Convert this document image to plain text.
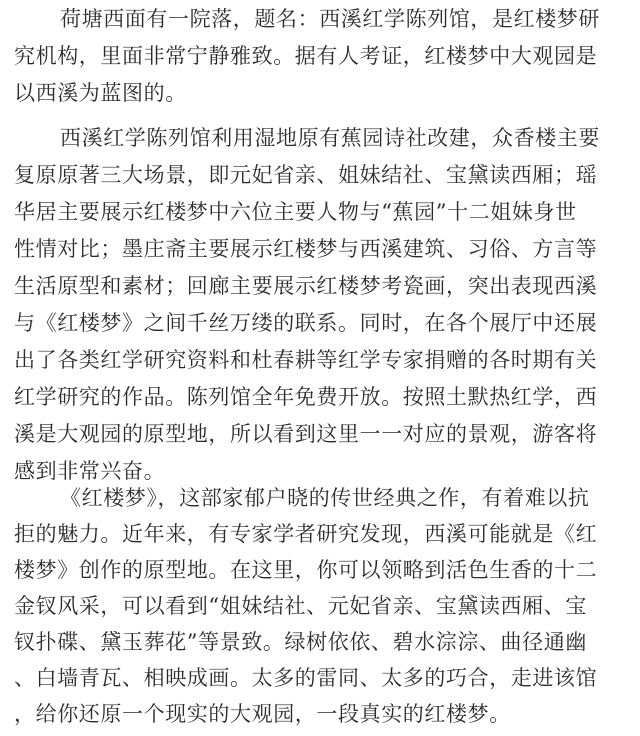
荷塘西面有一院落，题名：西溪红学陈列馆，是红楼梦研
究机构，里面非常宁静雅致。据有人考证，红楼梦中大观园是
以西溪为蓝图的。
西溪红学陈列馆利用湿地原有蕉园诗社改建，众香楼主要
复原原著三大场景，即元妃省亲、姐妹结社、宝黛读西厢；瑶
华居主要展示红楼梦中六位主要人物与“蕉园”十二姐妹身世
性情对比；墨庄斋主要展示红楼梦与西溪建筑、习俗、方言等
生活原型和素材；回廊主要展示红楼梦考瓷画，突出表现西溪
与《红楼梦》之间千丝万缕的联系。同时，在各个展厅中还展
出了各类红学研究资料和杜春耕等红学专家捐赠的各时期有关
红学研究的作品。陈列馆全年免费开放。按照土默热红学，西
溪是大观园的原型地，所以看到这里一一对应的景观，游客将
感到非常兴奋。
《红楼梦》，这部家郁户晓的传世经典之作，有着难以抗
拒的魅力。近年来，有专家学者研究发现，西溪可能就是《红
楼梦》创作的原型地。在这里，你可以领略到活色生香的十二
金钗风采，可以看到“姐妹结社、元妃省亲、宝黛读西厢、宝
钗扑碟、黛玉葬花”等景致。绿树依依、碧水淙淙、曲径通幽
、白墙青瓦、相映成画。太多的雷同、太多的巧合，走进该馆
，给你还原一个现实的大观园，一段真实的红楼梦。
